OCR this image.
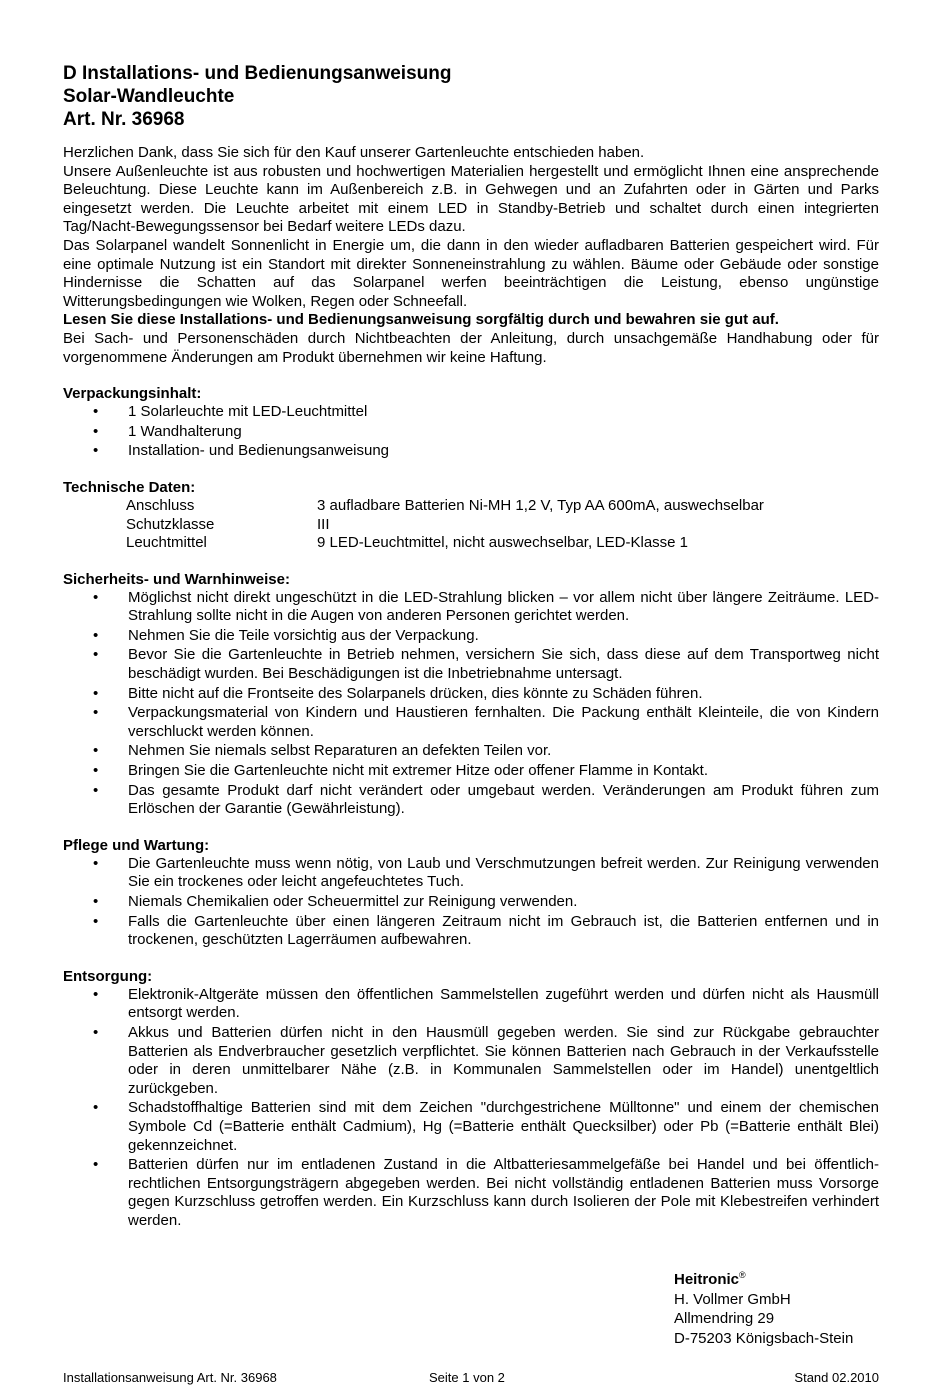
D Installations- und Bedienungsanweisung
Solar-Wandleuchte
Art. Nr. 36968

Herzlichen Dank, dass Sie sich für den Kauf unserer Gartenleuchte entschieden haben.

Unsere Außenleuchte ist aus robusten und hochwertigen Materialien hergestellt und ermöglicht Ihnen eine ansprechende Beleuchtung. Diese Leuchte kann im Außenbereich z.B. in Gehwegen und an Zufahrten oder in Gärten und Parks eingesetzt werden. Die Leuchte arbeitet mit einem LED in Standby-Betrieb und schaltet durch einen integrierten Tag/Nacht-Bewegungssensor bei Bedarf weitere LEDs dazu.

Das Solarpanel wandelt Sonnenlicht in Energie um, die dann in den wieder aufladbaren Batterien gespeichert wird. Für eine optimale Nutzung ist ein Standort mit direkter Sonneneinstrahlung zu wählen. Bäume oder Gebäude oder sonstige Hindernisse die Schatten auf das Solarpanel werfen beeinträchtigen die Leistung, ebenso ungünstige Witterungsbedingungen wie Wolken, Regen oder Schneefall.

Lesen Sie diese Installations- und Bedienungsanweisung sorgfältig durch und bewahren sie gut auf.

Bei Sach- und Personenschäden durch Nichtbeachten der Anleitung, durch unsachgemäße Handhabung oder für vorgenommene Änderungen am Produkt übernehmen wir keine Haftung.

Verpackungsinhalt:
• 1 Solarleuchte mit LED-Leuchtmittel
• 1 Wandhalterung
• Installation- und Bedienungsanweisung
Technische Daten:
Anschluss	3 aufladbare Batterien Ni-MH 1,2 V, Typ AA 600mA, auswechselbar
Schutzklasse	III
Leuchtmittel	9 LED-Leuchtmittel, nicht auswechselbar, LED-Klasse 1
Sicherheits- und Warnhinweise:
• Möglichst nicht direkt ungeschützt in die LED-Strahlung blicken – vor allem nicht über längere Zeiträume. LED-Strahlung sollte nicht in die Augen von anderen Personen gerichtet werden.
• Nehmen Sie die Teile vorsichtig aus der Verpackung.
• Bevor Sie die Gartenleuchte in Betrieb nehmen, versichern Sie sich, dass diese auf dem Transportweg nicht beschädigt wurden. Bei Beschädigungen ist die Inbetriebnahme untersagt.
• Bitte nicht auf die Frontseite des Solarpanels drücken, dies könnte zu Schäden führen.
• Verpackungsmaterial von Kindern und Haustieren fernhalten. Die Packung enthält Kleinteile, die von Kindern verschluckt werden können.
• Nehmen Sie niemals selbst Reparaturen an defekten Teilen vor.
• Bringen Sie die Gartenleuchte nicht mit extremer Hitze oder offener Flamme in Kontakt.
• Das gesamte Produkt darf nicht verändert oder umgebaut werden. Veränderungen am Produkt führen zum Erlöschen der Garantie (Gewährleistung).
Pflege und Wartung:
• Die Gartenleuchte muss wenn nötig, von Laub und Verschmutzungen befreit werden. Zur Reinigung verwenden Sie ein trockenes oder leicht angefeuchtetes Tuch.
• Niemals Chemikalien oder Scheuermittel zur Reinigung verwenden.
• Falls die Gartenleuchte über einen längeren Zeitraum nicht im Gebrauch ist, die Batterien entfernen und in trockenen, geschützten Lagerräumen aufbewahren.
Entsorgung:
• Elektronik-Altgeräte müssen den öffentlichen Sammelstellen zugeführt werden und dürfen nicht als Hausmüll entsorgt werden.
• Akkus und Batterien dürfen nicht in den Hausmüll gegeben werden. Sie sind zur Rückgabe gebrauchter Batterien als Endverbraucher gesetzlich verpflichtet. Sie können Batterien nach Gebrauch in der Verkaufsstelle oder in deren unmittelbarer Nähe (z.B. in Kommunalen Sammelstellen oder im Handel) unentgeltlich zurückgeben.
• Schadstoffhaltige Batterien sind mit dem Zeichen "durchgestrichene Mülltonne" und einem der chemischen Symbole Cd (=Batterie enthält Cadmium), Hg (=Batterie enthält Quecksilber) oder Pb (=Batterie enthält Blei) gekennzeichnet.
• Batterien dürfen nur im entladenen Zustand in die Altbatteriesammelgefäße bei Handel und bei öffentlich-rechtlichen Entsorgungsträgern abgegeben werden. Bei nicht vollständig entladenen Batterien muss Vorsorge gegen Kurzschluss getroffen werden. Ein Kurzschluss kann durch Isolieren der Pole mit Klebestreifen verhindert werden.
Heitronic®
H. Vollmer GmbH
Allmendring 29
D-75203 Königsbach-Stein
Installationsanweisung Art. Nr. 36968	Seite 1 von 2	Stand 02.2010
